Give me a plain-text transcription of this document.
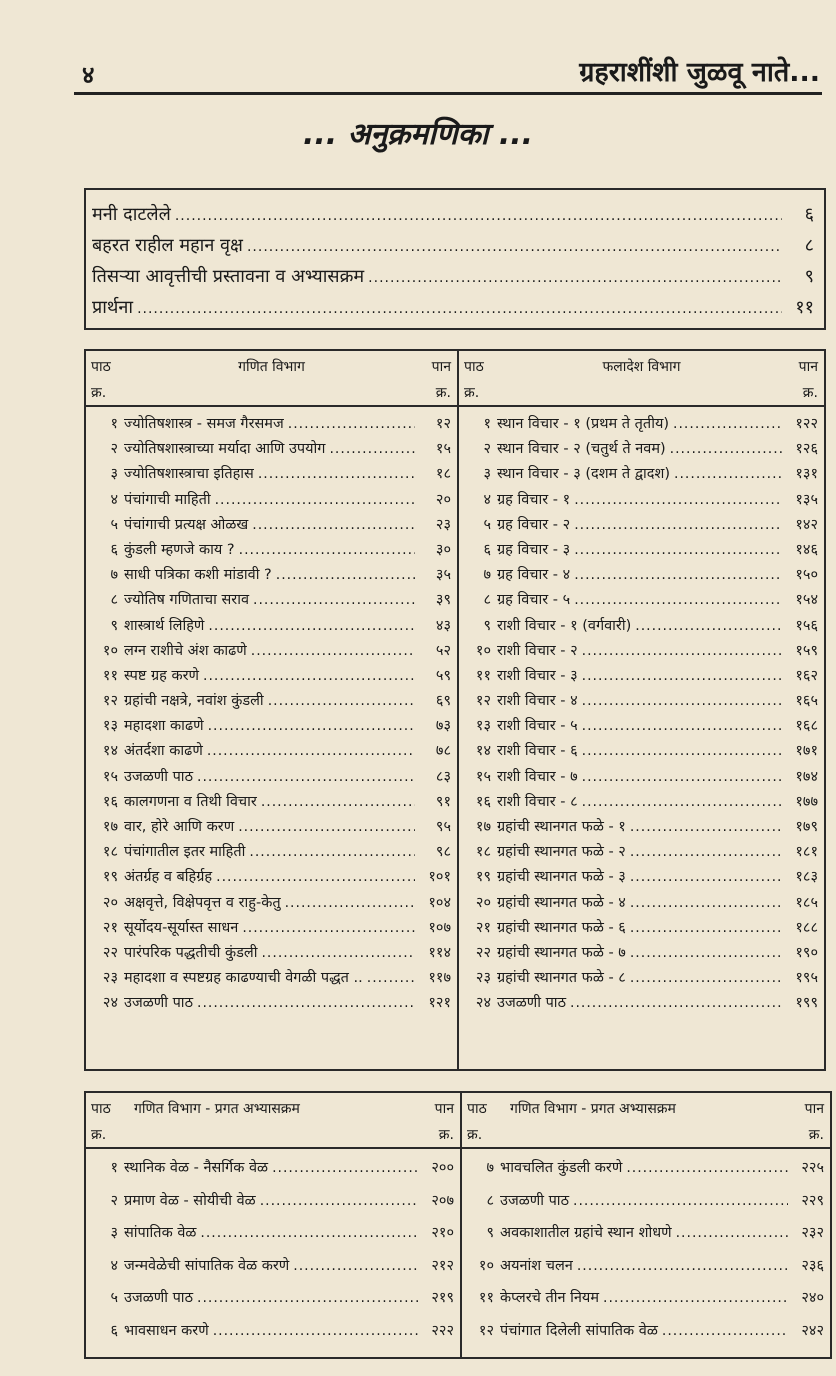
४	ग्रहराशींशी जुळवू नाते...
... अनुक्रमणिका ...
मनी दाटलेले .....	६
बहरत राहील महान वृक्ष .....	८
तिसऱ्या आवृत्तीची प्रस्तावना व अभ्यासक्रम .....	९
प्रार्थना .....	११
पाठ
क्र.
गणित विभाग	पान
क्र.
१ ज्योतिषशास्त्र - समज गैरसमज .....	१२
२ ज्योतिषशास्त्राच्या मर्यादा आणि उपयोग .....	१५
३ ज्योतिषशास्त्राचा इतिहास .....	१८
४ पंचांगाची माहिती .....	२०
५ पंचांगाची प्रत्यक्ष ओळख .....	२३
६ कुंडली म्हणजे काय ? .....	३०
७ साधी पत्रिका कशी मांडावी ? .....	३५
८ ज्योतिष गणिताचा सराव .....	३९
९ शास्त्रार्थ लिहिणे .....	४३
१० लग्न राशीचे अंश काढणे .....	५२
११ स्पष्ट ग्रह करणे .....	५९
१२ ग्रहांची नक्षत्रे, नवांश कुंडली .....	६९
१३ महादशा काढणे .....	७३
१४ अंतर्दशा काढणे .....	७८
१५ उजळणी पाठ .....	८३
१६ कालगणना व तिथी विचार .....	९१
१७ वार, होरे आणि करण .....	९५
१८ पंचांगातील इतर माहिती .....	९८
१९ अंतर्ग्रह व बहिर्ग्रह .....	१०१
२० अक्षवृत्ते, विक्षेपवृत्त व राहु-केतु .....	१०४
२१ सूर्योदय-सूर्यास्त साधन .....	१०७
२२ पारंपरिक पद्धतीची कुंडली .....	११४
२३ महादशा व स्पष्टग्रह काढण्याची वेगळी पद्धत .. .....	११७
२४ उजळणी पाठ .....	१२१
पाठ
क्र.
फलादेश विभाग	पान
क्र.
१ स्थान विचार - १ (प्रथम ते तृतीय) .....	१२२
२ स्थान विचार - २ (चतुर्थ ते नवम) .....	१२६
३ स्थान विचार - ३ (दशम ते द्वादश) .....	१३१
४ ग्रह विचार - १ .....	१३५
५ ग्रह विचार - २ .....	१४२
६ ग्रह विचार - ३ .....	१४६
७ ग्रह विचार - ४ .....	१५०
८ ग्रह विचार - ५ .....	१५४
९ राशी विचार - १ (वर्गवारी) .....	१५६
१० राशी विचार - २ .....	१५९
११ राशी विचार - ३ .....	१६२
१२ राशी विचार - ४ .....	१६५
१३ राशी विचार - ५ .....	१६८
१४ राशी विचार - ६ .....	१७१
१५ राशी विचार - ७ .....	१७४
१६ राशी विचार - ८ .....	१७७
१७ ग्रहांची स्थानगत फळे - १ .....	१७९
१८ ग्रहांची स्थानगत फळे - २ .....	१८१
१९ ग्रहांची स्थानगत फळे - ३ .....	१८३
२० ग्रहांची स्थानगत फळे - ४ .....	१८५
२१ ग्रहांची स्थानगत फळे - ६ .....	१८८
२२ ग्रहांची स्थानगत फळे - ७ .....	१९०
२३ ग्रहांची स्थानगत फळे - ८ .....	१९५
२४ उजळणी पाठ .....	१९९
पाठ
क्र.
गणित विभाग - प्रगत अभ्यासक्रम	पान
क्र.
१ स्थानिक वेळ - नैसर्गिक वेळ .....	२००
२ प्रमाण वेळ - सोयीची वेळ .....	२०७
३ सांपातिक वेळ .....	२१०
४ जन्मवेळेची सांपातिक वेळ करणे .....	२१२
५ उजळणी पाठ .....	२१९
६ भावसाधन करणे .....	२२२
पाठ
क्र.
गणित विभाग - प्रगत अभ्यासक्रम	पान
क्र.
७ भावचलित कुंडली करणे .....	२२५
८ उजळणी पाठ .....	२२९
९ अवकाशातील ग्रहांचे स्थान शोधणे .....	२३२
१० अयनांश चलन .....	२३६
११ केप्लरचे तीन नियम .....	२४०
१२ पंचांगात दिलेली सांपातिक वेळ .....	२४२
